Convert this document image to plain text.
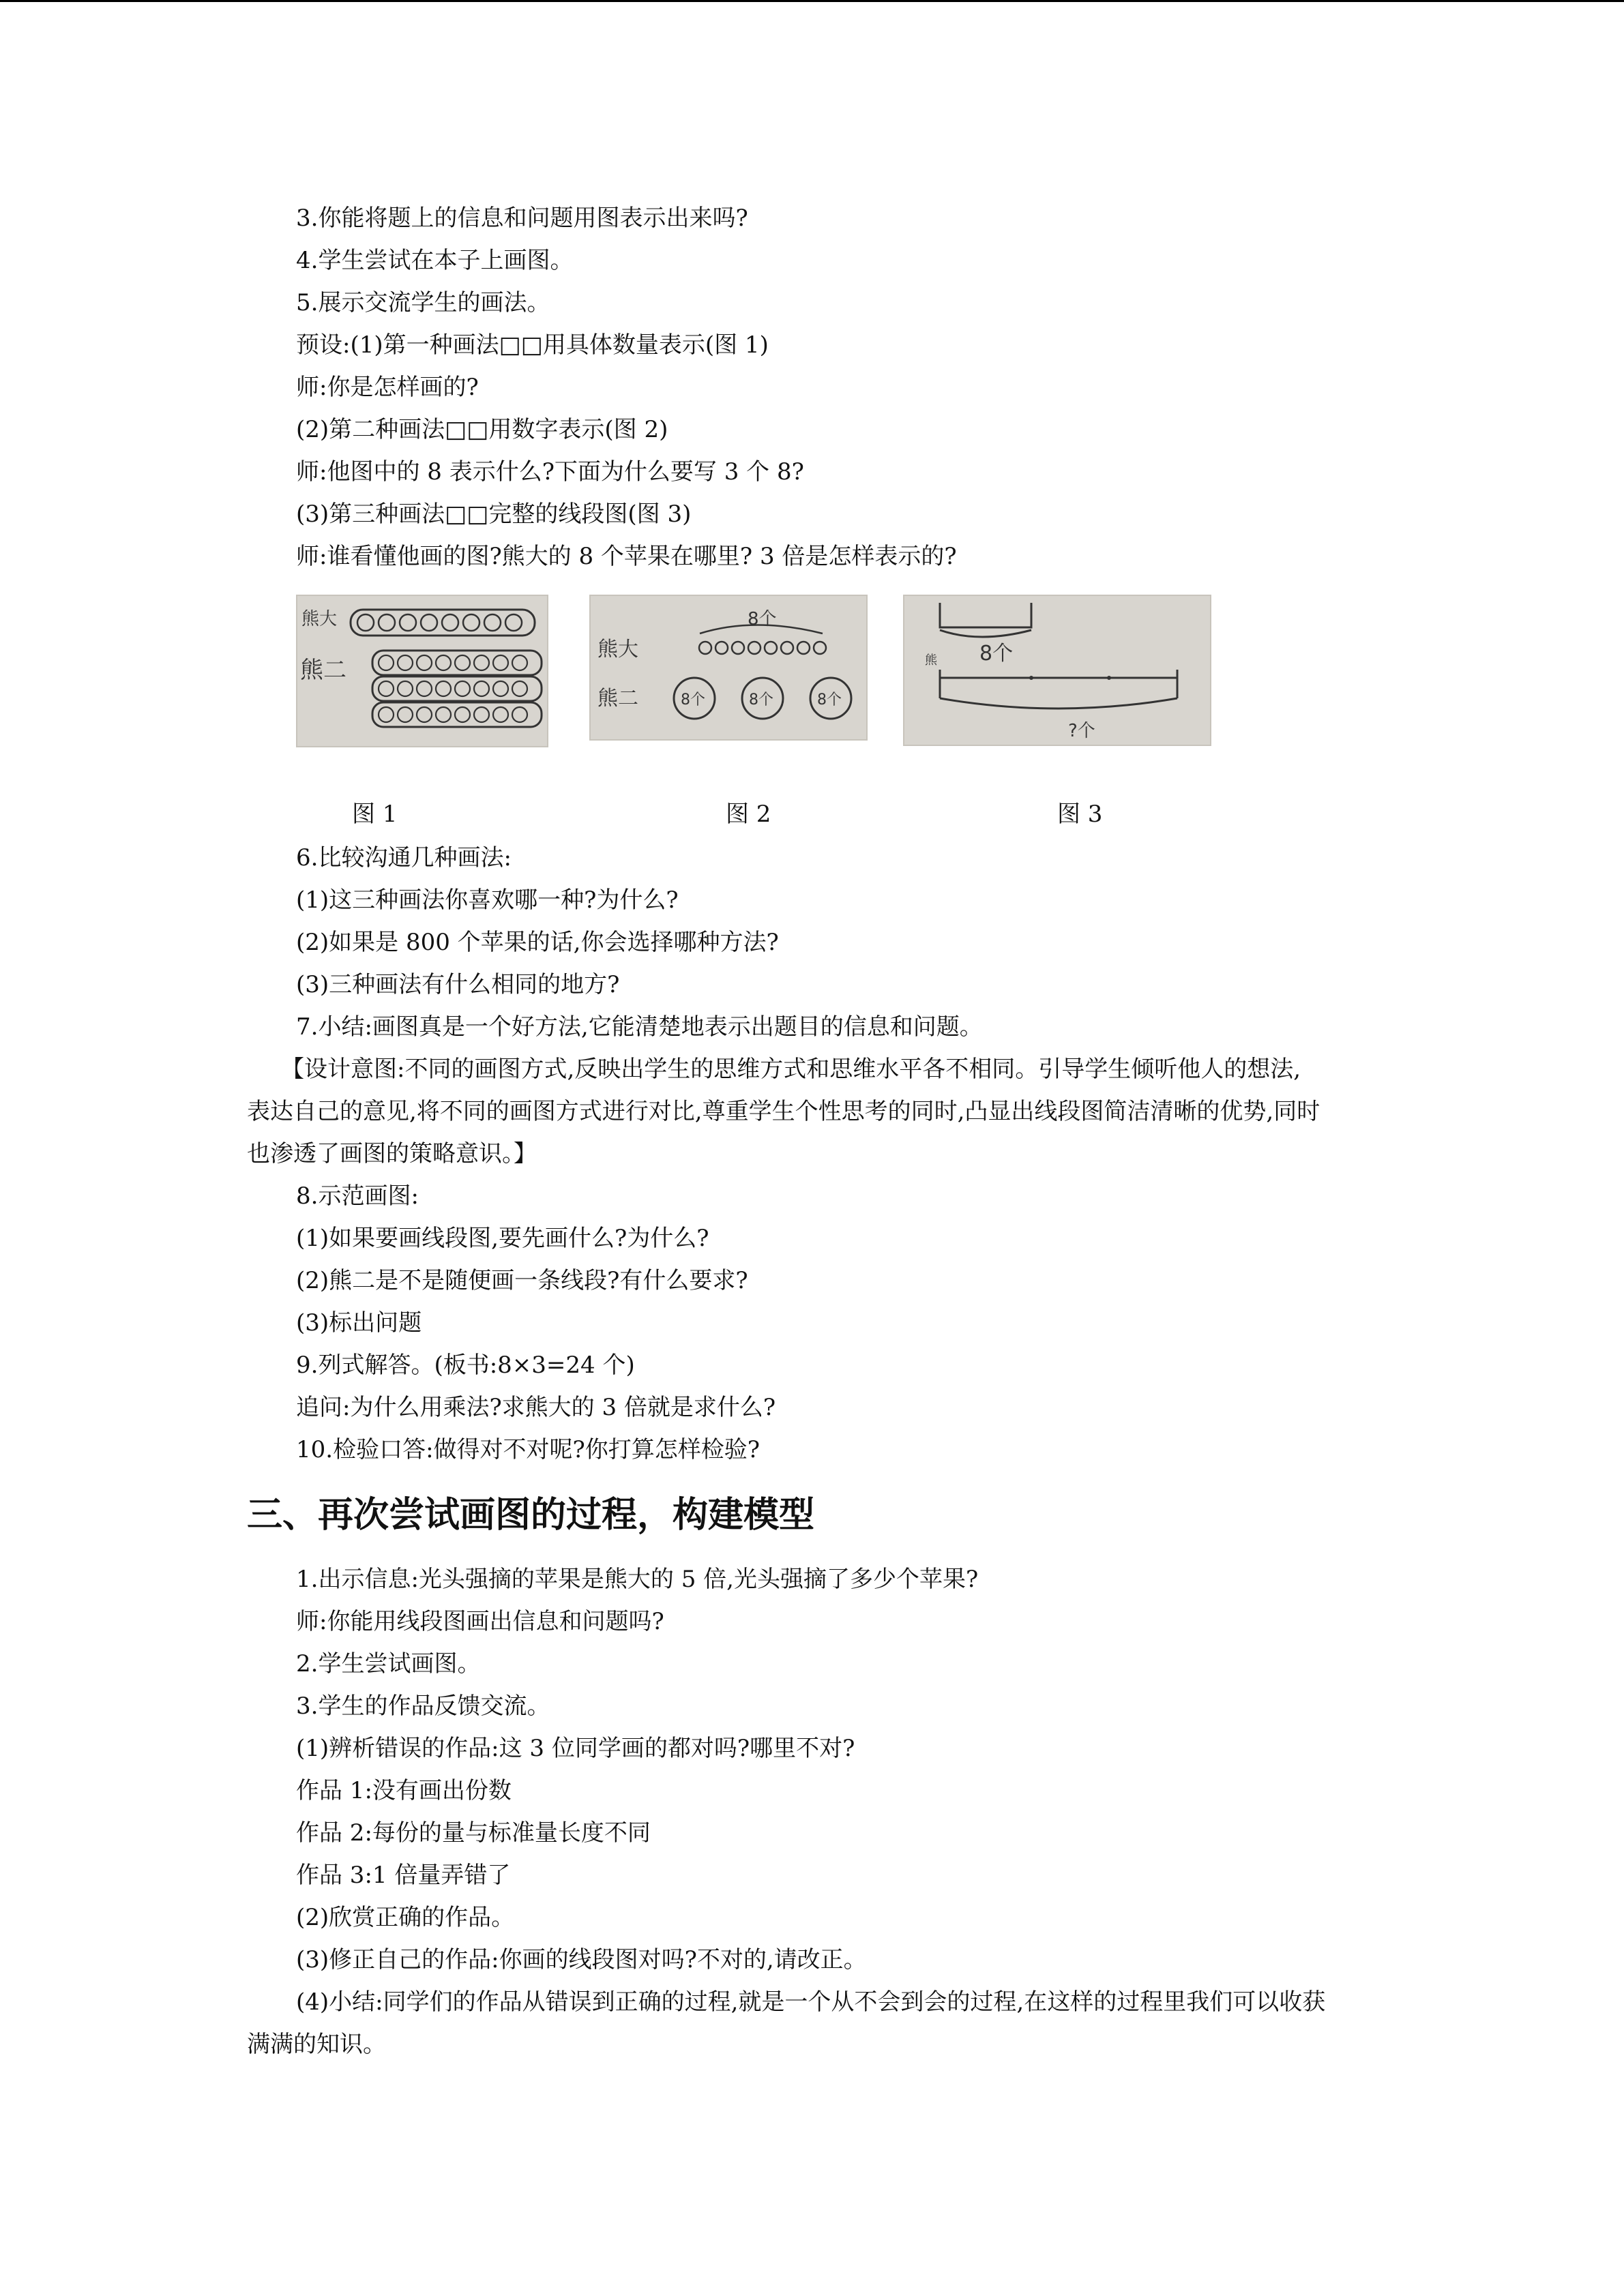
3.你能将题上的信息和问题用图表示出来吗?
4.学生尝试在本子上画图。
5.展示交流学生的画法。
预设:(1)第一种画法□□用具体数量表示(图 1)
师:你是怎样画的?
(2)第二种画法□□用数字表示(图 2)
师:他图中的 8 表示什么?下面为什么要写 3 个 8?
(3)第三种画法□□完整的线段图(图 3)
师:谁看懂他画的图?熊大的 8 个苹果在哪里? 3 倍是怎样表示的?
熊大
熊二
8个
熊大
熊二	8个	8个	8个
熊 8个
?个
图 1	图 2	图 3
6.比较沟通几种画法:
(1)这三种画法你喜欢哪一种?为什么?
(2)如果是 800 个苹果的话,你会选择哪种方法?
(3)三种画法有什么相同的地方?
7.小结:画图真是一个好方法,它能清楚地表示出题目的信息和问题。
【设计意图:不同的画图方式,反映出学生的思维方式和思维水平各不相同。引导学生倾听他人的想法,
表达自己的意见,将不同的画图方式进行对比,尊重学生个性思考的同时,凸显出线段图简洁清晰的优势,同时
也渗透了画图的策略意识。】
8.示范画图:
(1)如果要画线段图,要先画什么?为什么?
(2)熊二是不是随便画一条线段?有什么要求?
(3)标出问题
9.列式解答。(板书:8×3=24 个)
追问:为什么用乘法?求熊大的 3 倍就是求什么?
10.检验口答:做得对不对呢?你打算怎样检验?
三、再次尝试画图的过程，构建模型
1.出示信息:光头强摘的苹果是熊大的 5 倍,光头强摘了多少个苹果?
师:你能用线段图画出信息和问题吗?
2.学生尝试画图。
3.学生的作品反馈交流。
(1)辨析错误的作品:这 3 位同学画的都对吗?哪里不对?
作品 1:没有画出份数
作品 2:每份的量与标准量长度不同
作品 3:1 倍量弄错了
(2)欣赏正确的作品。
(3)修正自己的作品:你画的线段图对吗?不对的,请改正。
(4)小结:同学们的作品从错误到正确的过程,就是一个从不会到会的过程,在这样的过程里我们可以收获
满满的知识。
